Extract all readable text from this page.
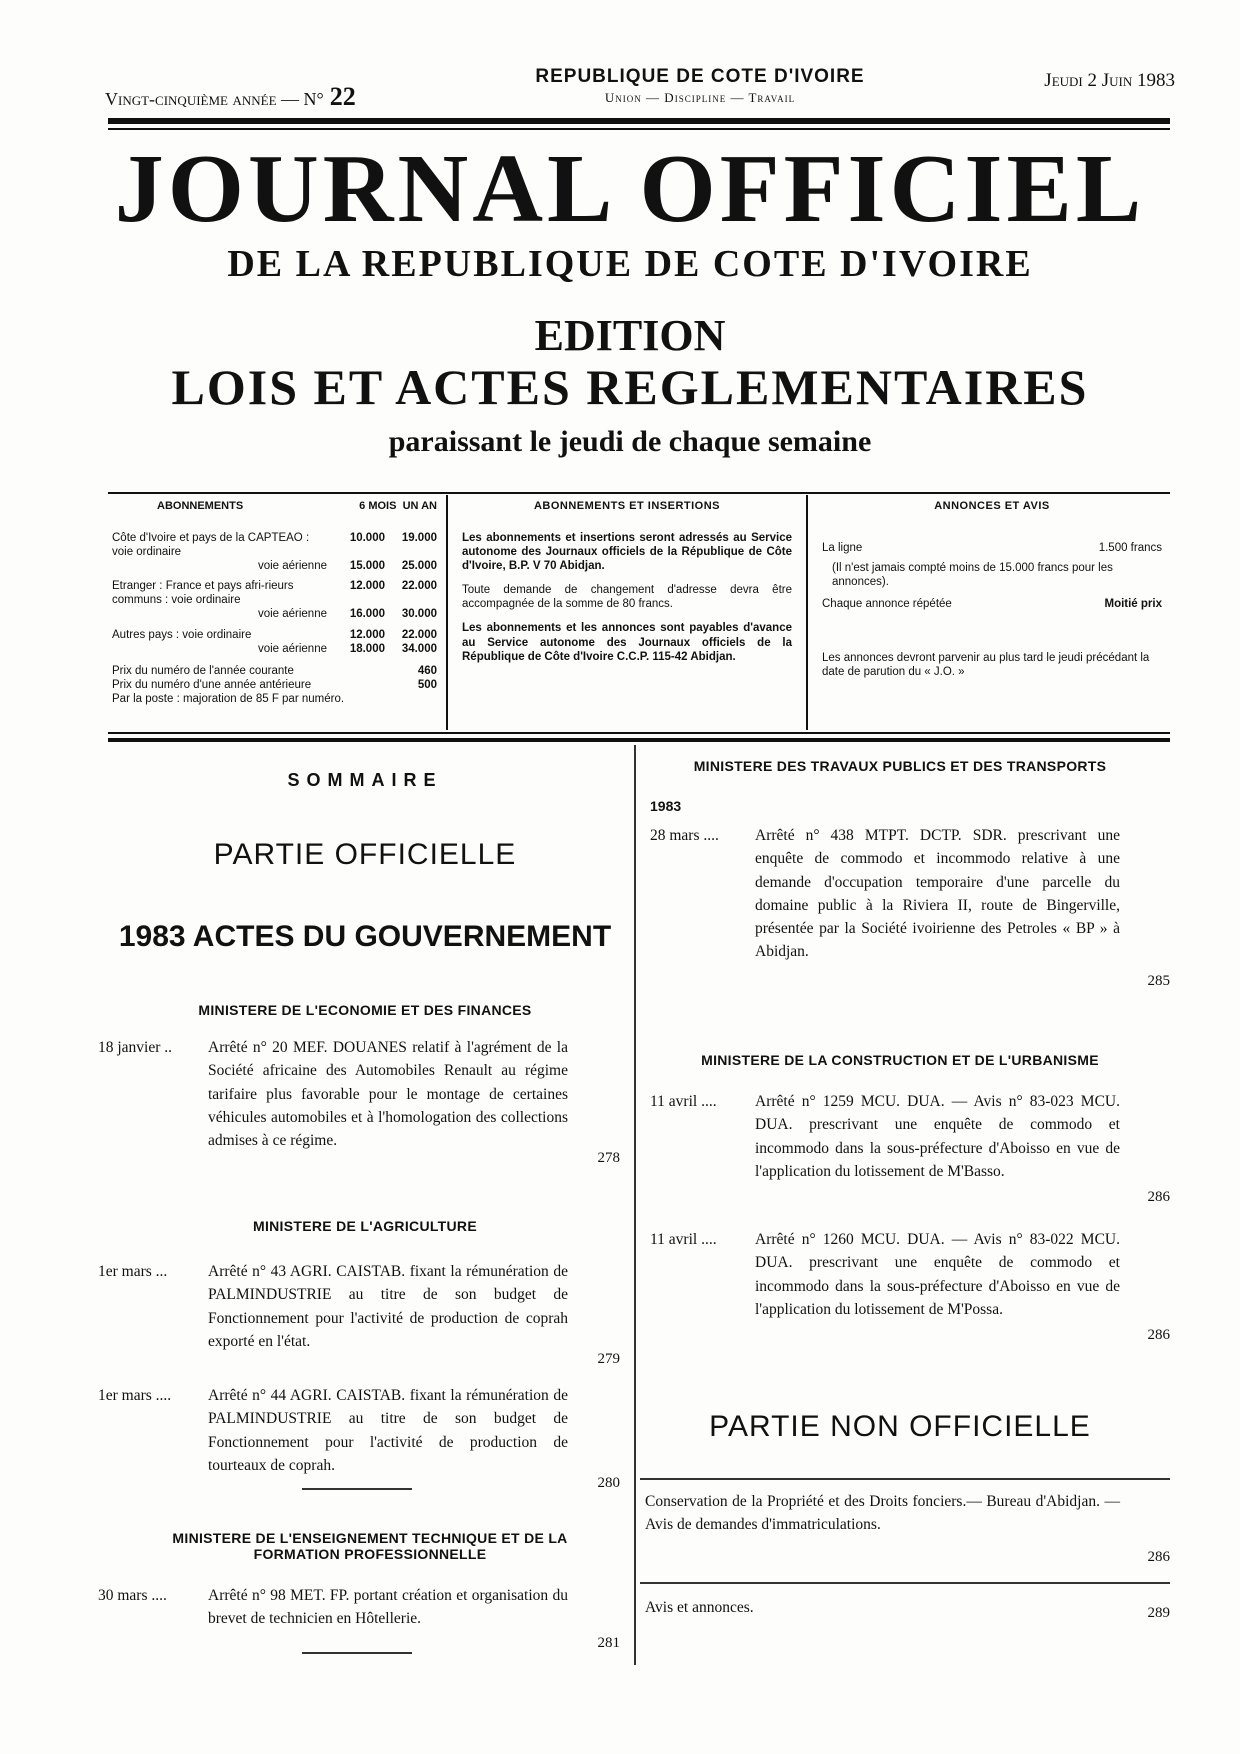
Vingt-cinquième année — N° 22
REPUBLIQUE DE COTE D'IVOIRE
Union — Discipline — Travail
Jeudi 2 Juin 1983
JOURNAL OFFICIEL
DE LA REPUBLIQUE DE COTE D'IVOIRE
EDITION
LOIS ET ACTES REGLEMENTAIRES
paraissant le jeudi de chaque semaine
ABONNEMENTS	6 MOIS UN AN
Côte d'Ivoire et pays de la CAPTEAO : voie ordinaire	10.000	19.000
voie aérienne	15.000	25.000
Etranger : France et pays afri-rieurs communs : voie ordinaire	12.000	22.000
voie aérienne	16.000	30.000
Autres pays : voie ordinaire	12.000	22.000
voie aérienne	18.000	34.000
Prix du numéro de l'année courante	460
Prix du numéro d'une année antérieure	500
Par la poste : majoration de 85 F par numéro.
ABONNEMENTS ET INSERTIONS
Les abonnements et insertions seront adressés au Service autonome des Journaux officiels de la République de Côte d'Ivoire, B.P. V 70 Abidjan.
Toute demande de changement d'adresse devra être accompagnée de la somme de 80 francs.
Les abonnements et les annonces sont payables d'avance au Service autonome des Journaux officiels de la République de Côte d'Ivoire C.C.P. 115-42 Abidjan.
ANNONCES ET AVIS
La ligne	1.500 francs
(Il n'est jamais compté moins de 15.000 francs pour les annonces).
Chaque annonce répétée	Moitié prix
Les annonces devront parvenir au plus tard le jeudi précédant la date de parution du « J.O. »
SOMMAIRE
PARTIE OFFICIELLE
1983 ACTES DU GOUVERNEMENT
MINISTERE DE L'ECONOMIE ET DES FINANCES
18 janvier .. Arrêté n° 20 MEF. DOUANES relatif à l'agrément de la Société africaine des Automobiles Renault au régime tarifaire plus favorable pour le montage de certaines véhicules automobiles et à l'homologation des collections admises à ce régime.
278
MINISTERE DE L'AGRICULTURE
1er mars ...	Arrêté n° 43 AGRI. CAISTAB. fixant la rémunération de PALMINDUSTRIE au titre de son budget de Fonctionnement pour l'activité de production de coprah exporté en l'état.
279
1er mars .... Arrêté n° 44 AGRI. CAISTAB. fixant la rémunération de PALMINDUSTRIE au titre de son budget de Fonctionnement pour l'activité de production de tourteaux de coprah.
280
MINISTERE DE L'ENSEIGNEMENT TECHNIQUE ET DE LA FORMATION PROFESSIONNELLE
30 mars ....	Arrêté n° 98 MET. FP. portant création et organisation du brevet de technicien en Hôtellerie.
281
MINISTERE DES TRAVAUX PUBLICS ET DES TRANSPORTS
1983
28 mars .... Arrêté n° 438 MTPT. DCTP. SDR. prescrivant une enquête de commodo et incommodo relative à une demande d'occupation temporaire d'une parcelle du domaine public à la Riviera II, route de Bingerville, présentée par la Société ivoirienne des Petroles « BP » à Abidjan.
285
MINISTERE DE LA CONSTRUCTION ET DE L'URBANISME
11 avril .... Arrêté n° 1259 MCU. DUA. — Avis n° 83-023 MCU. DUA. prescrivant une enquête de commodo et incommodo dans la sous-préfecture d'Aboisso en vue de l'application du lotissement de M'Basso.
286
11 avril .... Arrêté n° 1260 MCU. DUA. — Avis n° 83-022 MCU. DUA. prescrivant une enquête de commodo et incommodo dans la sous-préfecture d'Aboisso en vue de l'application du lotissement de M'Possa.
286
PARTIE NON OFFICIELLE
Conservation de la Propriété et des Droits fonciers.— Bureau d'Abidjan. — Avis de demandes d'immatriculations.
286
Avis et annonces.	289
